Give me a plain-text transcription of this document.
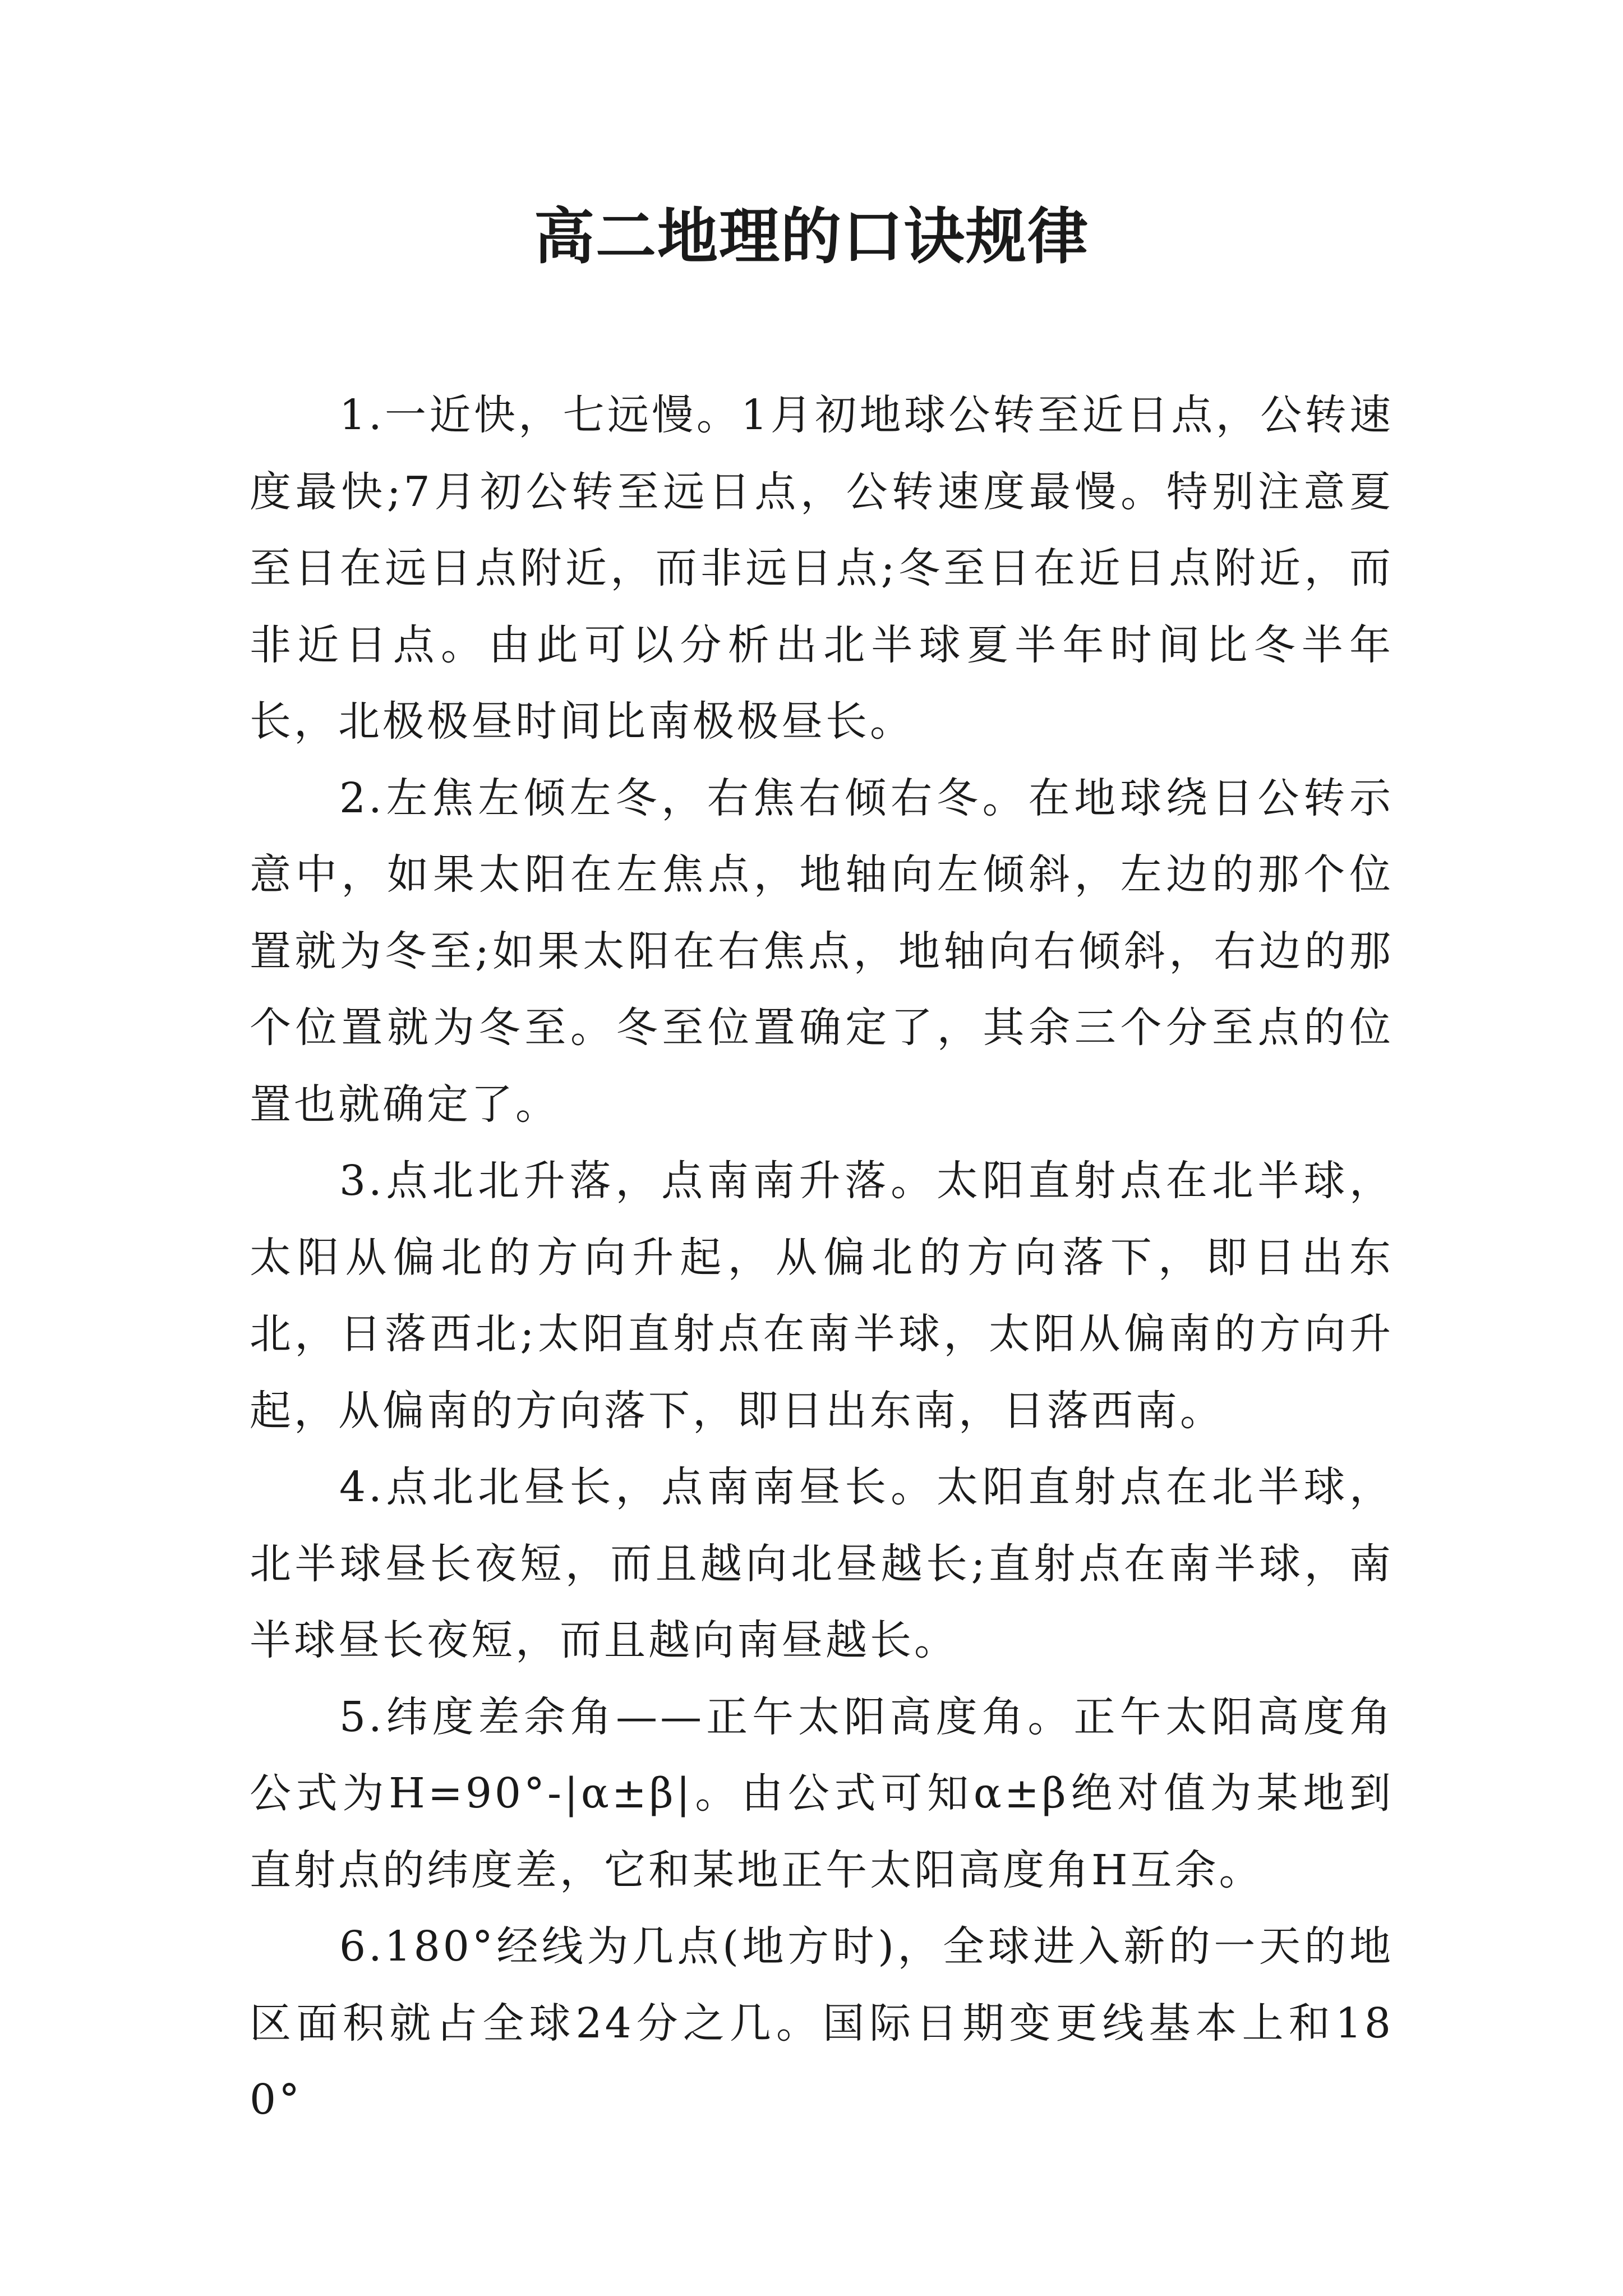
高二地理的口诀规律

1.一近快，七远慢。1月初地球公转至近日点，公转速度最快;7月初公转至远日点，公转速度最慢。特别注意夏至日在远日点附近，而非远日点;冬至日在近日点附近，而非近日点。由此可以分析出北半球夏半年时间比冬半年长，北极极昼时间比南极极昼长。

2.左焦左倾左冬，右焦右倾右冬。在地球绕日公转示意中，如果太阳在左焦点，地轴向左倾斜，左边的那个位置就为冬至;如果太阳在右焦点，地轴向右倾斜，右边的那个位置就为冬至。冬至位置确定了，其余三个分至点的位置也就确定了。

3.点北北升落，点南南升落。太阳直射点在北半球，太阳从偏北的方向升起，从偏北的方向落下，即日出东北，日落西北;太阳直射点在南半球，太阳从偏南的方向升起，从偏南的方向落下，即日出东南，日落西南。

4.点北北昼长，点南南昼长。太阳直射点在北半球，北半球昼长夜短，而且越向北昼越长;直射点在南半球，南半球昼长夜短，而且越向南昼越长。

5.纬度差余角——正午太阳高度角。正午太阳高度角公式为H=90°-|α±β|。由公式可知α±β绝对值为某地到直射点的纬度差，它和某地正午太阳高度角H互余。

6.180°经线为几点(地方时)，全球进入新的一天的地区面积就占全球24分之几。国际日期变更线基本上和180°
